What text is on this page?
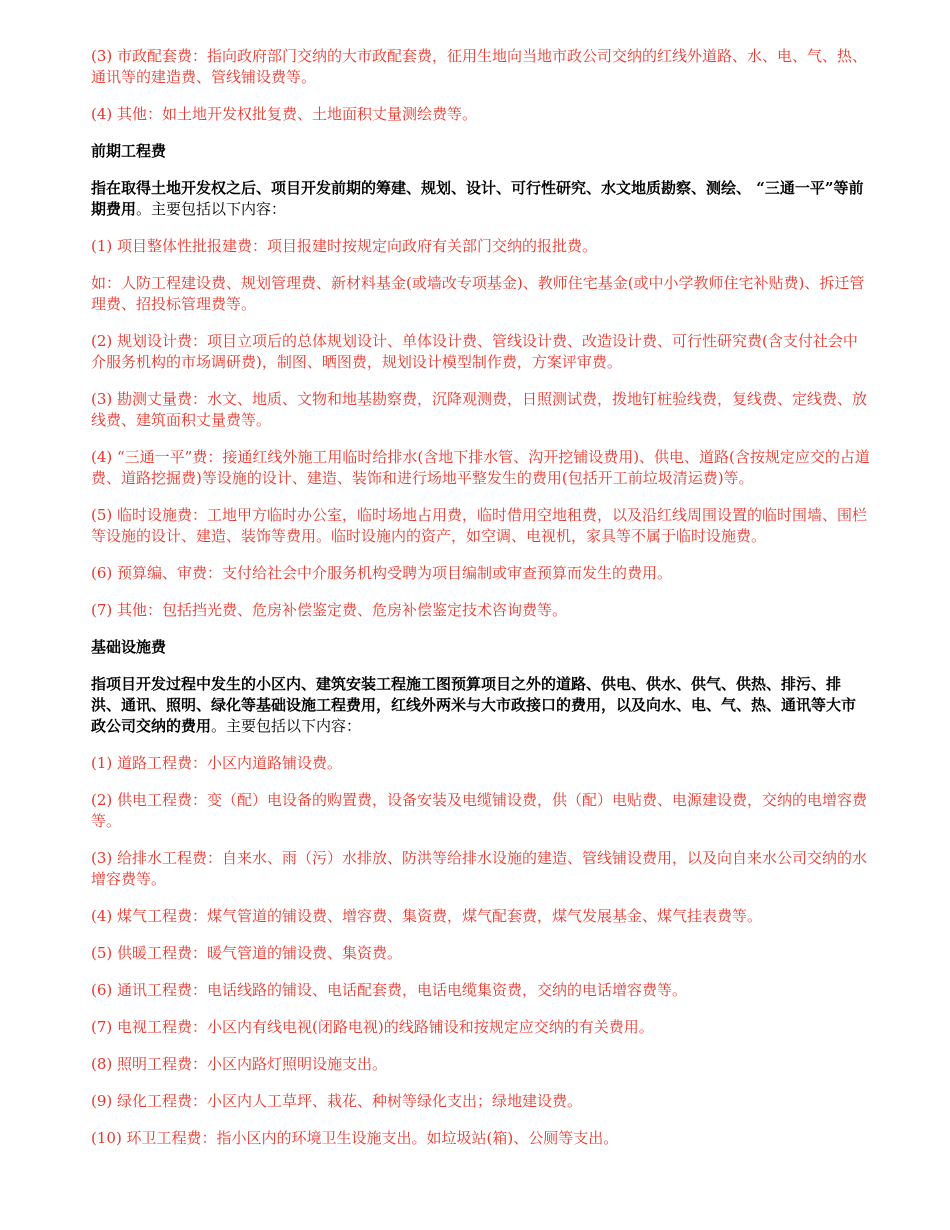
(3) 市政配套费：指向政府部门交纳的大市政配套费，征用生地向当地市政公司交纳的红线外道路、水、电、气、热、通讯等的建造费、管线铺设费等。

(4) 其他：如土地开发权批复费、土地面积丈量测绘费等。

前期工程费

指在取得土地开发权之后、项目开发前期的筹建、规划、设计、可行性研究、水文地质勘察、测绘、 “三通一平”等前期费用。主要包括以下内容：

(1) 项目整体性批报建费：项目报建时按规定向政府有关部门交纳的报批费。

如：人防工程建设费、规划管理费、新材料基金(或墙改专项基金)、教师住宅基金(或中小学教师住宅补贴费)、拆迁管理费、招投标管理费等。

(2) 规划设计费：项目立项后的总体规划设计、单体设计费、管线设计费、改造设计费、可行性研究费(含支付社会中介服务机构的市场调研费)，制图、晒图费，规划设计模型制作费，方案评审费。

(3) 勘测丈量费：水文、地质、文物和地基勘察费，沉降观测费，日照测试费，拨地钉桩验线费，复线费、定线费、放线费、建筑面积丈量费等。

(4) “三通一平”费：接通红线外施工用临时给排水(含地下排水管、沟开挖铺设费用)、供电、道路(含按规定应交的占道费、道路挖掘费)等设施的设计、建造、装饰和进行场地平整发生的费用(包括开工前垃圾清运费)等。

(5) 临时设施费：工地甲方临时办公室，临时场地占用费，临时借用空地租费，以及沿红线周围设置的临时围墙、围栏等设施的设计、建造、装饰等费用。临时设施内的资产，如空调、电视机，家具等不属于临时设施费。

(6) 预算编、审费：支付给社会中介服务机构受聘为项目编制或审查预算而发生的费用。

(7) 其他：包括挡光费、危房补偿鉴定费、危房补偿鉴定技术咨询费等。

基础设施费

指项目开发过程中发生的小区内、建筑安装工程施工图预算项目之外的道路、供电、供水、供气、供热、排污、排洪、通讯、照明、绿化等基础设施工程费用，红线外两米与大市政接口的费用，以及向水、电、气、热、通讯等大市政公司交纳的费用。主要包括以下内容：

(1) 道路工程费：小区内道路铺设费。

(2) 供电工程费：变（配）电设备的购置费，设备安装及电缆铺设费，供（配）电贴费、电源建设费，交纳的电增容费等。

(3) 给排水工程费：自来水、雨（污）水排放、防洪等给排水设施的建造、管线铺设费用，以及向自来水公司交纳的水增容费等。

(4) 煤气工程费：煤气管道的铺设费、增容费、集资费，煤气配套费，煤气发展基金、煤气挂表费等。

(5) 供暖工程费：暖气管道的铺设费、集资费。

(6) 通讯工程费：电话线路的铺设、电话配套费，电话电缆集资费，交纳的电话增容费等。

(7) 电视工程费：小区内有线电视(闭路电视)的线路铺设和按规定应交纳的有关费用。

(8) 照明工程费：小区内路灯照明设施支出。

(9) 绿化工程费：小区内人工草坪、栽花、种树等绿化支出；绿地建设费。

(10) 环卫工程费：指小区内的环境卫生设施支出。如垃圾站(箱)、公厕等支出。
